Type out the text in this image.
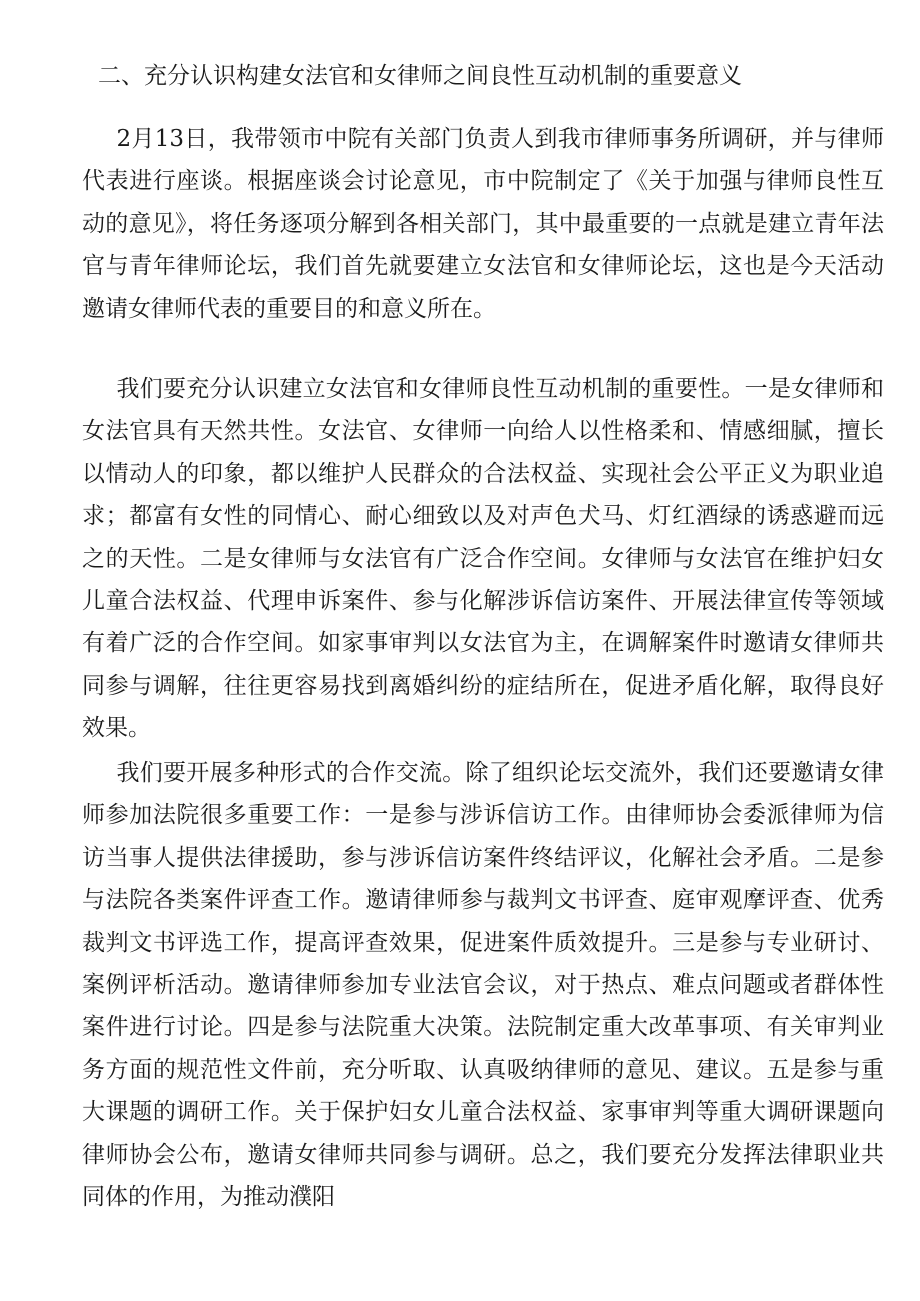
二、充分认识构建女法官和女律师之间良性互动机制的重要意义

2月13日，我带领市中院有关部门负责人到我市律师事务所调研，并与律师代表进行座谈。根据座谈会讨论意见，市中院制定了《关于加强与律师良性互动的意见》，将任务逐项分解到各相关部门，其中最重要的一点就是建立青年法官与青年律师论坛，我们首先就要建立女法官和女律师论坛，这也是今天活动邀请女律师代表的重要目的和意义所在。

我们要充分认识建立女法官和女律师良性互动机制的重要性。一是女律师和女法官具有天然共性。女法官、女律师一向给人以性格柔和、情感细腻，擅长以情动人的印象，都以维护人民群众的合法权益、实现社会公平正义为职业追求；都富有女性的同情心、耐心细致以及对声色犬马、灯红酒绿的诱惑避而远之的天性。二是女律师与女法官有广泛合作空间。女律师与女法官在维护妇女儿童合法权益、代理申诉案件、参与化解涉诉信访案件、开展法律宣传等领域有着广泛的合作空间。如家事审判以女法官为主，在调解案件时邀请女律师共同参与调解，往往更容易找到离婚纠纷的症结所在，促进矛盾化解，取得良好效果。

我们要开展多种形式的合作交流。除了组织论坛交流外，我们还要邀请女律师参加法院很多重要工作：一是参与涉诉信访工作。由律师协会委派律师为信访当事人提供法律援助，参与涉诉信访案件终结评议，化解社会矛盾。二是参与法院各类案件评查工作。邀请律师参与裁判文书评查、庭审观摩评查、优秀裁判文书评选工作，提高评查效果，促进案件质效提升。三是参与专业研讨、案例评析活动。邀请律师参加专业法官会议，对于热点、难点问题或者群体性案件进行讨论。四是参与法院重大决策。法院制定重大改革事项、有关审判业务方面的规范性文件前，充分听取、认真吸纳律师的意见、建议。五是参与重大课题的调研工作。关于保护妇女儿童合法权益、家事审判等重大调研课题向律师协会公布，邀请女律师共同参与调研。总之，我们要充分发挥法律职业共同体的作用，为推动濮阳
